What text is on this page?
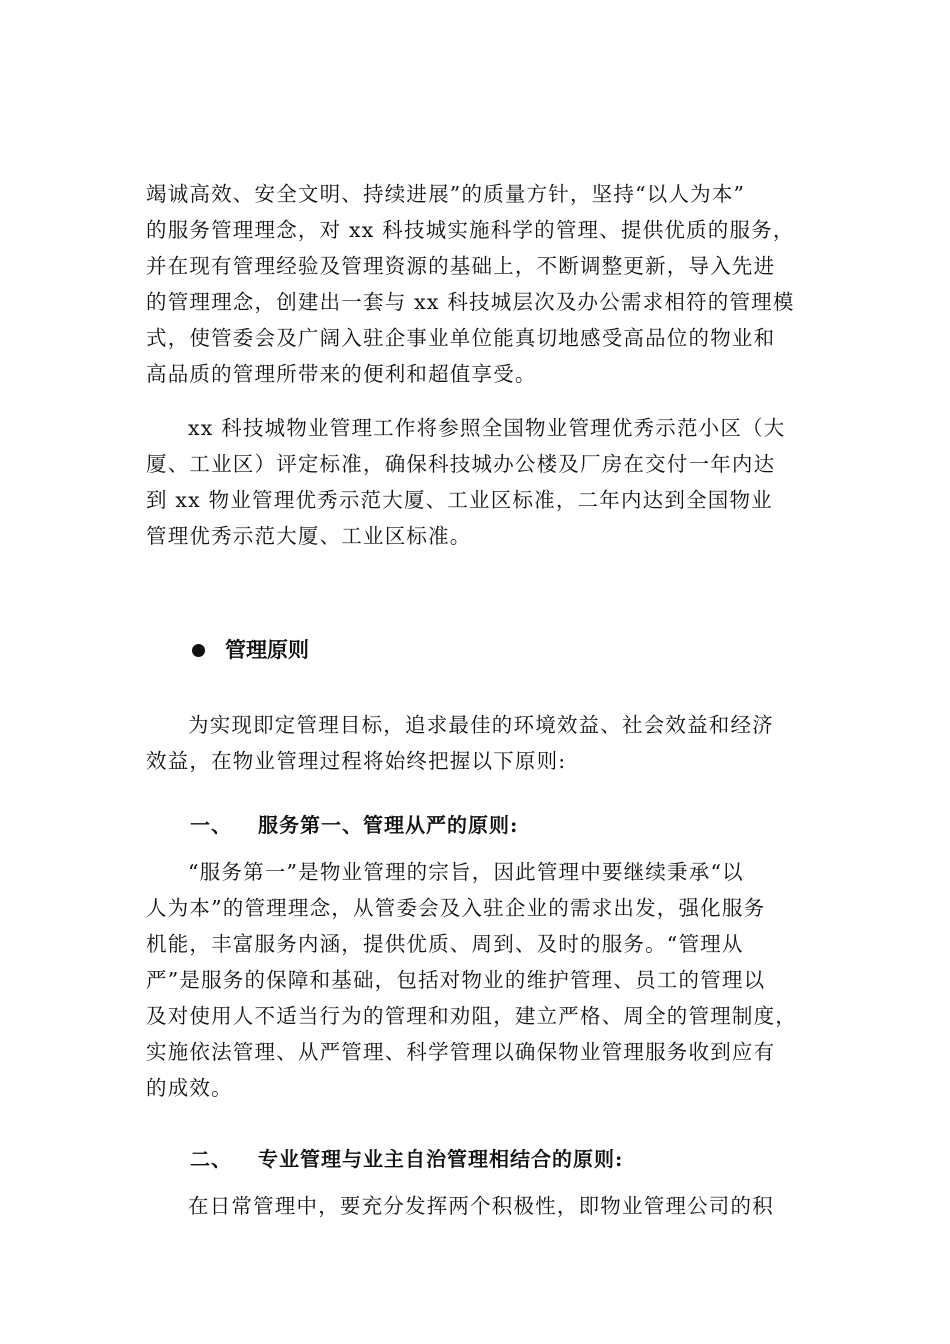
竭诚高效、安全文明、持续进展”的质量方针，坚持“以人为本”
的服务管理理念，对 xx 科技城实施科学的管理、提供优质的服务，
并在现有管理经验及管理资源的基础上，不断调整更新，导入先进
的管理理念，创建出一套与 xx 科技城层次及办公需求相符的管理模
式，使管委会及广阔入驻企事业单位能真切地感受高品位的物业和
高品质的管理所带来的便利和超值享受。

xx 科技城物业管理工作将参照全国物业管理优秀示范小区（大
厦、工业区）评定标准，确保科技城办公楼及厂房在交付一年内达
到 xx 物业管理优秀示范大厦、工业区标准，二年内达到全国物业
管理优秀示范大厦、工业区标准。

管理原则

为实现即定管理目标，追求最佳的环境效益、社会效益和经济
效益，在物业管理过程将始终把握以下原则:

一、 服务第一、管理从严的原则:

“服务第一”是物业管理的宗旨，因此管理中要继续秉承“以
人为本”的管理理念，从管委会及入驻企业的需求出发，强化服务
机能，丰富服务内涵，提供优质、周到、及时的服务。“管理从
严”是服务的保障和基础，包括对物业的维护管理、员工的管理以
及对使用人不适当行为的管理和劝阻，建立严格、周全的管理制度，
实施依法管理、从严管理、科学管理以确保物业管理服务收到应有
的成效。

二、 专业管理与业主自治管理相结合的原则:

在日常管理中，要充分发挥两个积极性，即物业管理公司的积
